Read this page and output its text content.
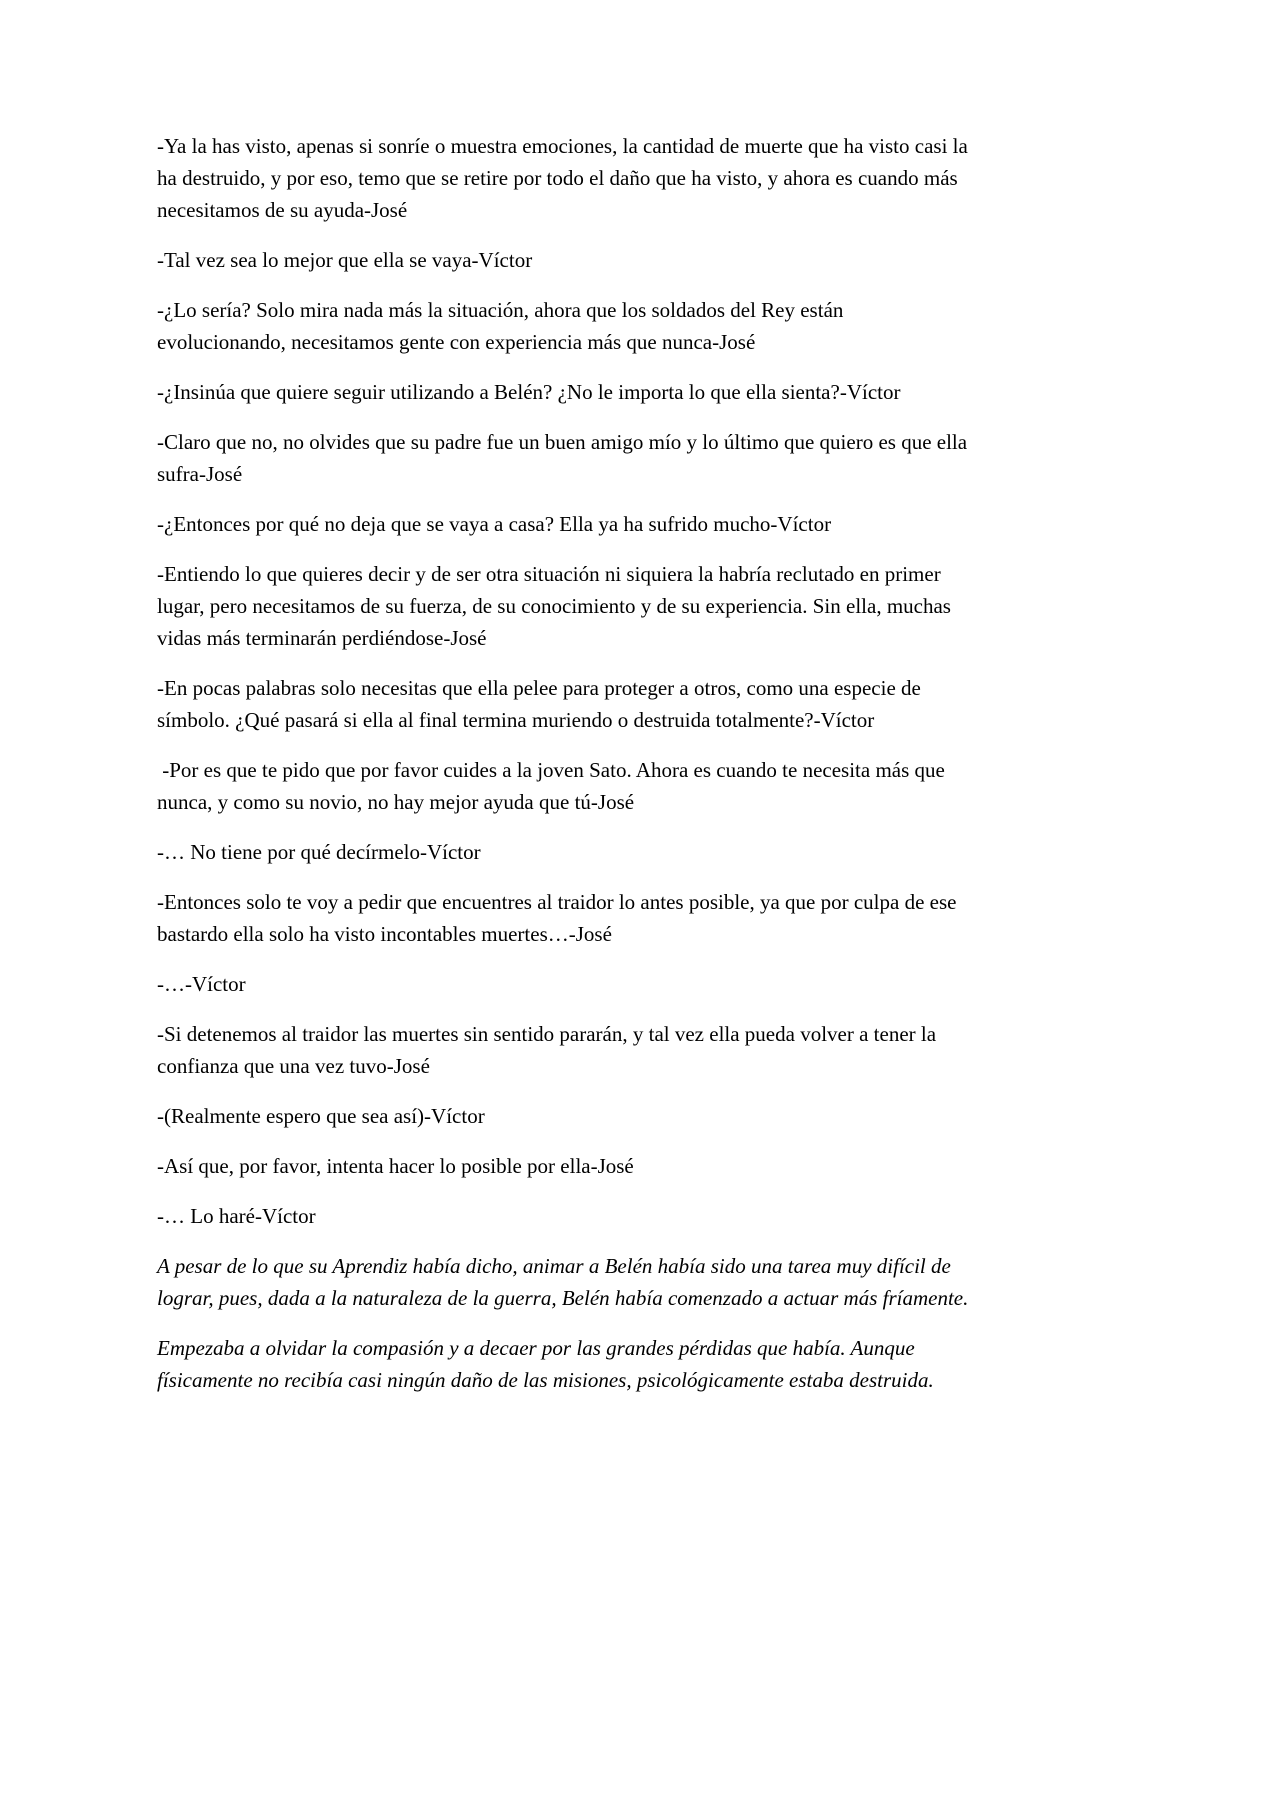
-Ya la has visto, apenas si sonríe o muestra emociones, la cantidad de muerte que ha visto casi la ha destruido, y por eso, temo que se retire por todo el daño que ha visto, y ahora es cuando más necesitamos de su ayuda-José

-Tal vez sea lo mejor que ella se vaya-Víctor

-¿Lo sería? Solo mira nada más la situación, ahora que los soldados del Rey están evolucionando, necesitamos gente con experiencia más que nunca-José

-¿Insinúa que quiere seguir utilizando a Belén? ¿No le importa lo que ella sienta?-Víctor

-Claro que no, no olvides que su padre fue un buen amigo mío y lo último que quiero es que ella sufra-José

-¿Entonces por qué no deja que se vaya a casa? Ella ya ha sufrido mucho-Víctor

-Entiendo lo que quieres decir y de ser otra situación ni siquiera la habría reclutado en primer lugar, pero necesitamos de su fuerza, de su conocimiento y de su experiencia. Sin ella, muchas vidas más terminarán perdiéndose-José

-En pocas palabras solo necesitas que ella pelee para proteger a otros, como una especie de símbolo. ¿Qué pasará si ella al final termina muriendo o destruida totalmente?-Víctor

-Por es que te pido que por favor cuides a la joven Sato. Ahora es cuando te necesita más que nunca, y como su novio, no hay mejor ayuda que tú-José

-… No tiene por qué decírmelo-Víctor

-Entonces solo te voy a pedir que encuentres al traidor lo antes posible, ya que por culpa de ese bastardo ella solo ha visto incontables muertes…-José

-…-Víctor

-Si detenemos al traidor las muertes sin sentido pararán, y tal vez ella pueda volver a tener la confianza que una vez tuvo-José

-(Realmente espero que sea así)-Víctor

-Así que, por favor, intenta hacer lo posible por ella-José

-… Lo haré-Víctor

A pesar de lo que su Aprendiz había dicho, animar a Belén había sido una tarea muy difícil de lograr, pues, dada a la naturaleza de la guerra, Belén había comenzado a actuar más fríamente.

Empezaba a olvidar la compasión y a decaer por las grandes pérdidas que había. Aunque físicamente no recibía casi ningún daño de las misiones, psicológicamente estaba destruida.
